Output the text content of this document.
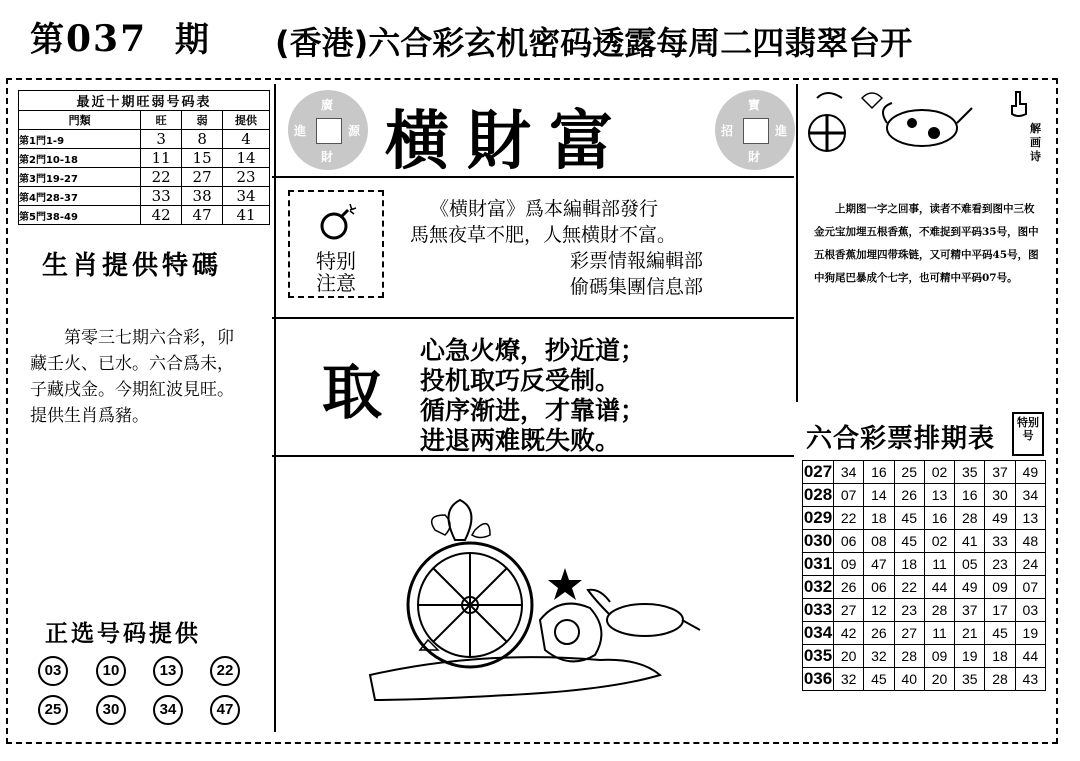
第037 期 (香港)六合彩玄机密码透露每周二四翡翠台开
最近十期旺弱号码表			
門類	旺	弱	提供
第1門1-9	3	8	4
第2門10-18	11	15	14
第3門19-27	22	27	23
第4門28-37	33	38	34
第5門38-49	42	47	41
生肖提供特碼
第零三七期六合彩，卯藏壬火、已水。六合爲未，子藏戌金。今期紅波見旺。提供生肖爲豬。
正选号码提供
03	10	13	22
25	30	34	47
廣
進	源
財 横財富	寶
招	進
財
特别
注意
《横財富》爲本編輯部發行
馬無夜草不肥，人無横財不富。
彩票情報編輯部
偷碼集團信息部
取
心急火燎，抄近道；
投机取巧反受制。
循序渐进，才靠谱；
进退两难既失败。
解画诗
上期图一字之回事，读者不难看到图中三枚金元宝加埋五根香蕉，不难捉到平码35号，图中五根香蕉加埋四带珠链，又可精中平码45号，图中狗尾巴暴成个七字，也可精中平码07号。
六合彩票排期表
特别号
027	34	16	25	02	35	37	49
028	07	14	26	13	16	30	34
029	22	18	45	16	28	49	13
030	06	08	45	02	41	33	48
031	09	47	18	11	05	23	24
032	26	06	22	44	49	09	07
033	27	12	23	28	37	17	03
034	42	26	27	11	21	45	19
035	20	32	28	09	19	18	44
036	32	45	40	20	35	28	43
